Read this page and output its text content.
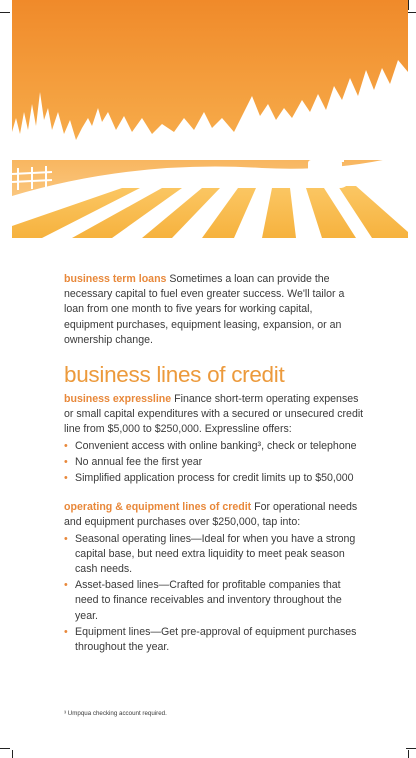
business term loans Sometimes a loan can provide the necessary capital to fuel even greater success. We'll tailor a loan from one month to five years for working capital, equipment purchases, equipment leasing, expansion, or an ownership change.

business lines of credit

business expressline Finance short-term operating expenses or small capital expenditures with a secured or unsecured credit line from $5,000 to $250,000. Expressline offers:

• Convenient access with online banking³, check or telephone
• No annual fee the first year
• Simplified application process for credit limits up to $50,000

operating & equipment lines of credit For operational needs and equipment purchases over $250,000, tap into:

• Seasonal operating lines—Ideal for when you have a strong capital base, but need extra liquidity to meet peak season cash needs.
• Asset-based lines—Crafted for profitable companies that need to finance receivables and inventory throughout the year.
• Equipment lines—Get pre-approval of equipment purchases throughout the year.
³ Umpqua checking account required.
